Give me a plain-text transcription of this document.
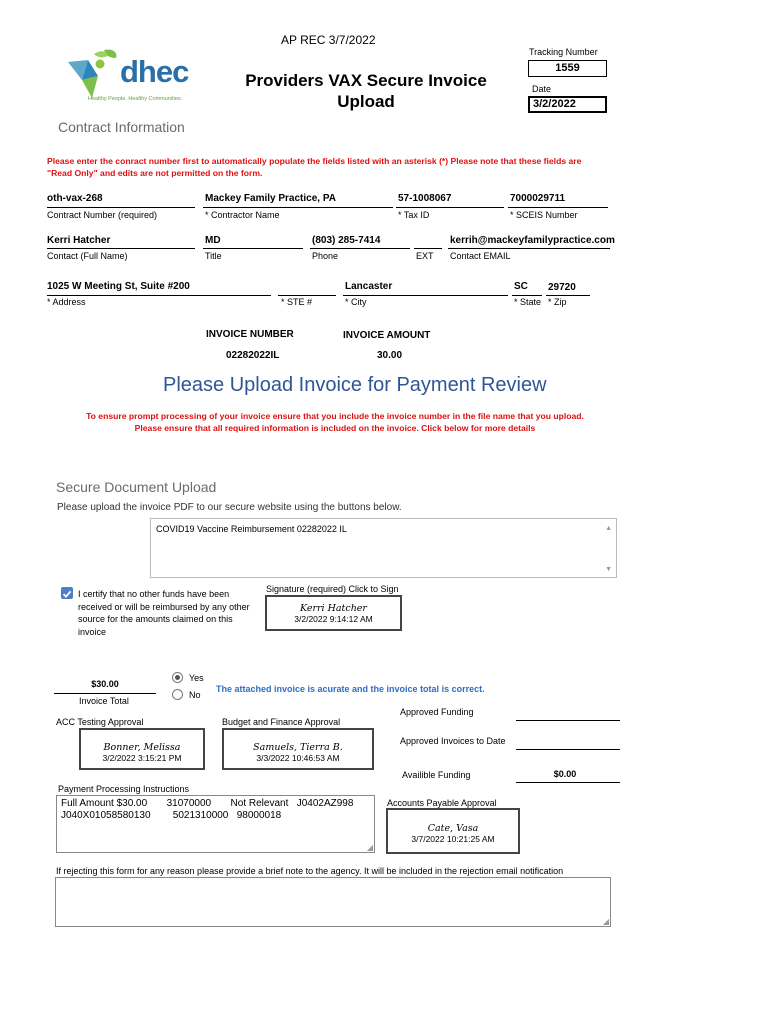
AP REC 3/7/2022
dhec
Healthy People. Healthy Communities.
Providers VAX Secure Invoice
Upload
Tracking Number
1559
Date
3/2/2022
Contract Information
Please enter the conract number first to automatically populate the fields listed with an asterisk (*) Please note that these fields are "Read Only" and edits are not permitted on the form.
oth-vax-268
Contract Number (required)
Mackey Family Practice, PA
* Contractor Name
57-1008067
* Tax ID
7000029711
* SCEIS Number
Kerri Hatcher
Contact (Full Name)
MD
Title
(803) 285-7414
Phone	EXT
kerrih@mackeyfamilypractice.com
Contact EMAIL
1025 W Meeting St, Suite #200
* Address	* STE #
Lancaster
* City
SC
* State
29720
* Zip
INVOICE NUMBER	INVOICE AMOUNT
02282022IL	30.00
Please Upload Invoice for Payment Review
To ensure prompt processing of your invoice ensure that you include the invoice number in the file name that you upload.
Please ensure that all required information is included on the invoice. Click below for more details
Secure Document Upload
Please upload the invoice PDF to our secure website using the buttons below.
COVID19 Vaccine Reimbursement 02282022 IL	▲
▼
I certify that no other funds have been received or will be reimbursed by any other source for the amounts claimed on this invoice
Signature (required) Click to Sign
Kerri Hatcher
3/2/2022 9:14:12 AM
$30.00
Invoice Total
Yes
No
The attached invoice is acurate and the invoice total is correct.
ACC Testing Approval
Bonner, Melissa
3/2/2022 3:15:21 PM
Budget and Finance Approval
Samuels, Tierra B.
3/3/2022 10:46:53 AM
Approved Funding
Approved Invoices to Date
Availible Funding	$0.00
Payment Processing Instructions
Full Amount $30.00       31070000       Not Relevant   J0402AZ998
J040X01058580130        5021310000   98000018
◢
Accounts Payable Approval
Cate, Vasa
3/7/2022 10:21:25 AM
If rejecting this form for any reason please provide a brief note to the agency. It will be included in the rejection email notification
◢
